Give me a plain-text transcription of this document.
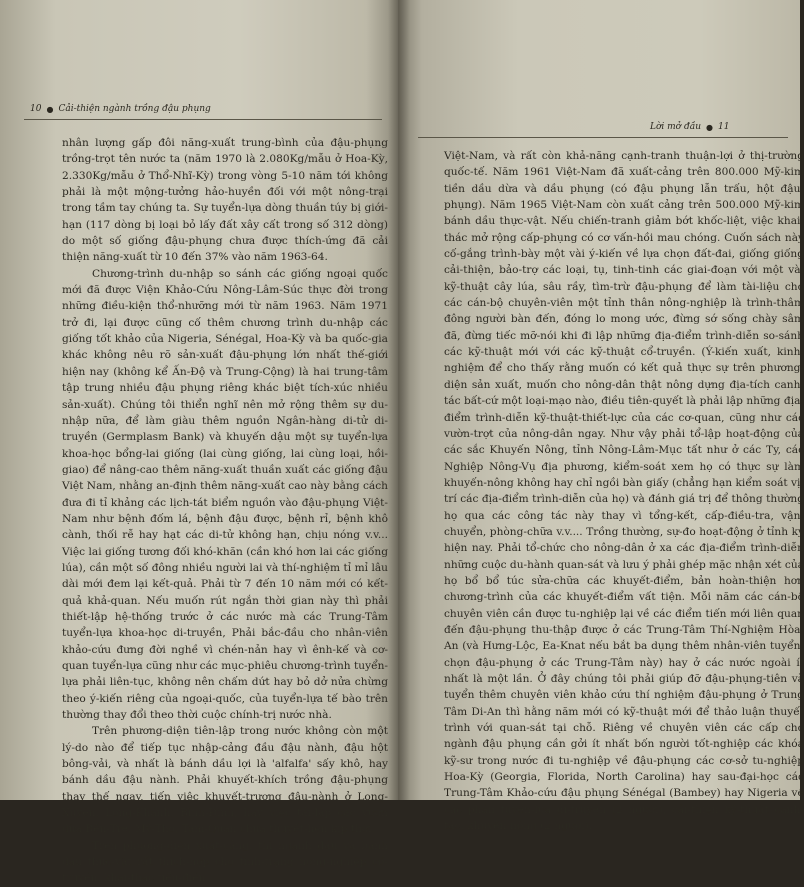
10 ● Cải-thiện ngành trồng đậu phụng

nhân lượng gấp đôi năng-xuất trung-bình của đậu-phụng trồng-trọt tên nước ta (năm 1970 là 2.080Kg/mẫu ở Hoa-Kỳ, 2.330Kg/mẫu ở Thổ-Nhĩ-Kỳ) trong vòng 5-10 năm tới không phải là một mộng-tưởng hảo-huyền đối với một nông-trại trong tầm tay chúng ta. Sự tuyển-lựa dòng thuần túy bị giới-hạn (117 dòng bị loại bỏ lấy đất xây cất trong số 312 dòng) do một số giống đậu-phụng chưa được thích-ứng đã cải thiện năng-xuất từ 10 đến 37% vào năm 1963-64.

Chương-trình du-nhập so sánh các giống ngoại quốc mới đã được Viện Khảo-Cứu Nông-Lâm-Súc thực đời trong những điều-kiện thổ-nhưỡng mới từ năm 1963. Năm 1971 trở đi, lại được cũng cố thêm chương trình du-nhập các giống tốt khảo của Nigeria, Sénégal, Hoa-Kỳ và ba quốc-gia khác không nêu rõ sản-xuất đậu-phụng lớn nhất thế-giới hiện nay (không kể Ấn-Độ và Trung-Cộng) là hai trung-tâm tập trung nhiều đậu phụng riêng khác biệt tích-xúc nhiều sản-xuất). Chúng tôi thiển nghĩ nên mở rộng thêm sự du-nhập nữa, để làm giàu thêm nguồn Ngân-hàng di-tử di-truyền (Germplasm Bank) và khuyến dậu một sự tuyển-lựa khoa-học bổng-lai giống (lai cùng giống, lai cùng loại, hồi-giao) để nâng-cao thêm năng-xuất thuần xuất các giống đậu Việt Nam, nhằng an-định thêm năng-xuất cao này bằng cách đưa đi tỉ khảng các lịch-tát biểm nguồn vào đậu-phụng Việt-Nam như bệnh đốm lá, bệnh đậu được, bệnh rỉ, bệnh khô cành, thối rễ hay hạt các di-tử không hạn, chịu nóng v.v... Việc lai giống tương đối khó-khăn (cần khó hơn lai các giống lúa), cần một số đông nhiều người lai và thí-nghiệm tỉ mỉ lâu dài mới đem lại kết-quả. Phải từ 7 đến 10 năm mới có kết-quả khả-quan. Nếu muốn rút ngắn thời gian này thì phải thiết-lập hệ-thống trước ở các nước mà các Trung-Tâm tuyển-lựa khoa-học di-truyền, Phải bắc-đầu cho nhân-viên khảo-cứu đưng đời nghề vì chén-nản hay vì ênh-kế và cơ-quan tuyển-lựa cũng như các mục-phiêu chương-trình tuyển-lựa phải liên-tục, không nên chấm dứt hay bỏ dở nửa chừng theo ý-kiến riêng của ngoại-quốc, của tuyển-lựa tế bào trên thường thay đổi theo thời cuộc chính-trị nước nhà.

Trên phương-diện tiên-lập trong nước không còn một lý-do nào để tiếp tục nhập-cảng đầu đậu nành, đậu hột bông-vải, và nhất là bánh dầu lợi là 'alfalfa' sấy khô, hay bánh dầu đậu nành. Phải khuyết-khích trồng đậu-phụng thay thế ngay, tiến việc khuyết-trương đậu-nành ở Long-Xuyên, Long-Khánh, Bình-Định, hay việc tái-lập các vườn dừa Bến-Tre, Mỹ-Tho, Tam-Quan chưa thuyết-hẹn kịp thời.

Trên phương-diện xuất-cảng, thì ngành dầu và bánh dầu thực-vật rất thích-hợp cho tình-trạng nông-nghiệp cổ-truyền, khai-thác tiểu-điền

Lời mở đầu ● 11

Việt-Nam, và rất còn khả-năng cạnh-tranh thuận-lợi ở thị-trường quốc-tế. Năm 1961 Việt-Nam đã xuất-cảng trên 800.000 Mỹ-kim tiền dầu dừa và dầu phụng (có đậu phụng lẫn trấu, hột đậu-phụng). Năm 1965 Việt-Nam còn xuất cảng trên 500.000 Mỹ-kim bánh dầu thực-vật. Nếu chiến-tranh giảm bớt khốc-liệt, việc khai-thác mở rộng cấp-phụng có cơ vấn-hồi mau chóng. Cuốn sách này cố-gắng trình-bày một vài ý-kiến về lựa chọn đất-đai, giống giống cải-thiện, bảo-trợ các loại, tụ, tinh-tinh các giai-đoạn với một vài kỹ-thuật cây lúa, sâu rầy, tìm-trừ đậu-phụng để làm tài-liệu cho các cán-bộ chuyên-viên một tỉnh thân nông-nghiệp là trình-thâm đông người bàn đến, đóng lo mong ước, đừng sớ sống chày sâm đã, đừng tiếc mỡ-nói khi đi lập những địa-điểm trình-diễn so-sánh các kỹ-thuật mới với các kỹ-thuật cổ-truyền. (Ý-kiến xuất, kinh-nghiệm để cho thấy rằng muốn có kết quả thực sự trên phương-diện sản xuất, muốn cho nông-dân thật nông dựng địa-tích canh-tác bất-cứ một loại-mạo nào, điều tiên-quyết là phải lập những địa-điểm trình-diễn kỹ-thuật-thiết-lực của các cơ-quan, cũng như các vườn-trợt của nông-dân ngay. Như vậy phải tổ-lập hoạt-động của các sắc Khuyến Nông, tỉnh Nông-Lâm-Mục tất như ở các Ty, các Nghiệp Nông-Vụ địa phương, kiểm-soát xem họ có thực sự làm khuyến-nông không hay chỉ ngồi bàn giấy (chẳng hạn kiểm soát vị-trí các địa-điểm trình-diễn của họ) và đánh giá trị để thông thường họ qua các công tác này thay vì tổng-kết, cấp-điều-tra, vận-chuyển, phòng-chữa v.v.... Trồng thường, sự-đo hoạt-động ở tỉnh ký hiện nay. Phải tổ-chức cho nông-dân ở xa các địa-điểm trình-diễn những cuộc du-hành quan-sát và lưu ý phải ghép mặc nhận xét của họ bổ bổ túc sửa-chữa các khuyết-điểm, bản hoàn-thiện hơn chương-trình của các khuyết-điểm vất tiện. Mỗi năm các cán-bộ chuyên viên cần được tu-nghiệp lại về các điểm tiến mới liên quan đến đậu-phụng thu-thập được ở các Trung-Tâm Thí-Nghiệm Hòa-An (và Hưng-Lộc, Ea-Knat nếu bắt ba dụng thêm nhân-viên tuyển-chọn đậu-phụng ở các Trung-Tâm này) hay ở các nước ngoài ít nhất là một lần. Ở đây chúng tôi phải giúp đỡ đậu-phụng-tiên và tuyển thêm chuyên viên khảo cứu thí nghiệm đậu-phụng ở Trung Tâm Di-An thì hằng năm mới có kỹ-thuật mới để thảo luận thuyết trình với quan-sát tại chỗ. Riêng về chuyên viên các cấp cho ngành đậu phụng cần gởi ít nhất bốn người tốt-nghiệp các khóa kỹ-sư trong nước đi tu-nghiệp về đậu-phụng các cơ-sở tu-nghiệp Hoa-Kỳ (Georgia, Florida, North Carolina) hay sau-đại-học các Trung-Tâm Khảo-cứu đậu phụng Sénégal (Bambey) hay Nigeria về các phần tuyển-lựa di-truyền (2 người), cải-thiện kỹ-thuật canh-tác, khuyến nông (2 người).
